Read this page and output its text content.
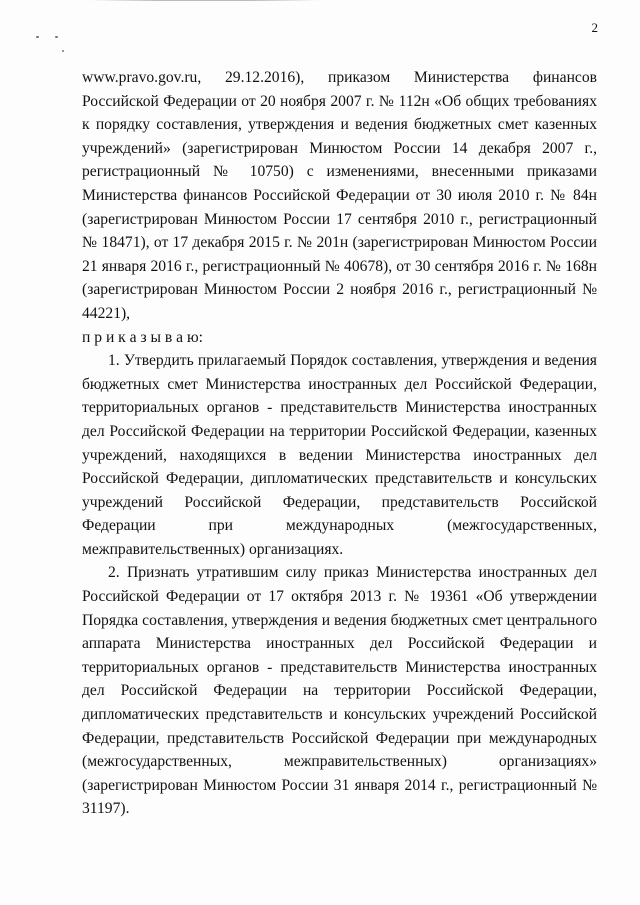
2

www.pravo.gov.ru, 29.12.2016), приказом Министерства финансов Российской Федерации от 20 ноября 2007 г. № 112н «Об общих требованиях к порядку составления, утверждения и ведения бюджетных смет казенных учреждений» (зарегистрирован Минюстом России 14 декабря 2007 г., регистрационный № 10750) с изменениями, внесенными приказами Министерства финансов Российской Федерации от 30 июля 2010 г. № 84н (зарегистрирован Минюстом России 17 сентября 2010 г., регистрационный № 18471), от 17 декабря 2015 г. № 201н (зарегистрирован Минюстом России 21 января 2016 г., регистрационный № 40678), от 30 сентября 2016 г. № 168н (зарегистрирован Минюстом России 2 ноября 2016 г., регистрационный № 44221),

п р и к а з ы в а ю:

1. Утвердить прилагаемый Порядок составления, утверждения и ведения бюджетных смет Министерства иностранных дел Российской Федерации, территориальных органов - представительств Министерства иностранных дел Российской Федерации на территории Российской Федерации, казенных учреждений, находящихся в ведении Министерства иностранных дел Российской Федерации, дипломатических представительств и консульских учреждений Российской Федерации, представительств Российской Федерации при международных (межгосударственных, межправительственных) организациях.

2. Признать утратившим силу приказ Министерства иностранных дел Российской Федерации от 17 октября 2013 г. № 19361 «Об утверждении Порядка составления, утверждения и ведения бюджетных смет центрального аппарата Министерства иностранных дел Российской Федерации и территориальных органов - представительств Министерства иностранных дел Российской Федерации на территории Российской Федерации, дипломатических представительств и консульских учреждений Российской Федерации, представительств Российской Федерации при международных (межгосударственных, межправительственных) организациях» (зарегистрирован Минюстом России 31 января 2014 г., регистрационный № 31197).
